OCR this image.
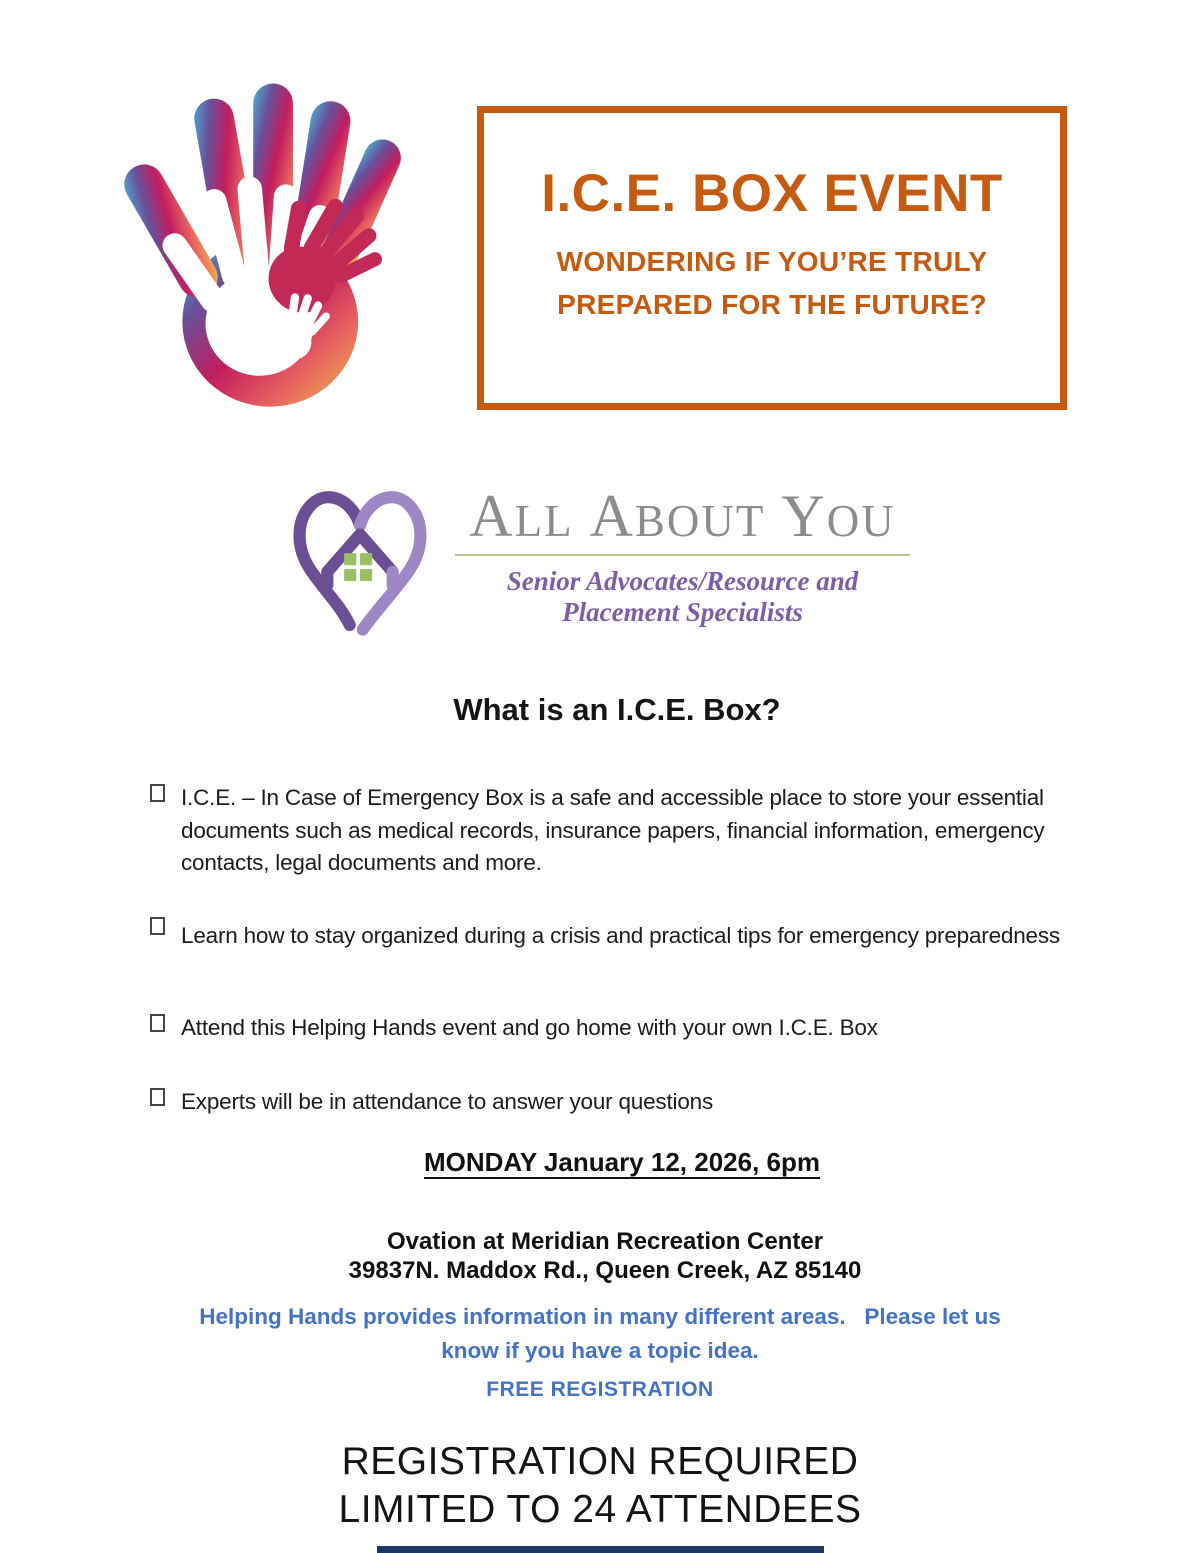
I.C.E. BOX EVENT
WONDERING IF YOU’RE TRULY
PREPARED FOR THE FUTURE?
ALL ABOUT YOU
Senior Advocates/Resource and
Placement Specialists
What is an I.C.E. Box?

I.C.E. – In Case of Emergency Box is a safe and accessible place to store your essential documents such as medical records, insurance papers, financial information, emergency contacts, legal documents and more.

Learn how to stay organized during a crisis and practical tips for emergency preparedness

Attend this Helping Hands event and go home with your own I.C.E. Box

Experts will be in attendance to answer your questions

MONDAY January 12, 2026, 6pm
Ovation at Meridian Recreation Center
39837N. Maddox Rd., Queen Creek, AZ 85140
Helping Hands provides information in many different areas.   Please let us
know if you have a topic idea.
FREE REGISTRATION
REGISTRATION REQUIRED
LIMITED TO 24 ATTENDEES
